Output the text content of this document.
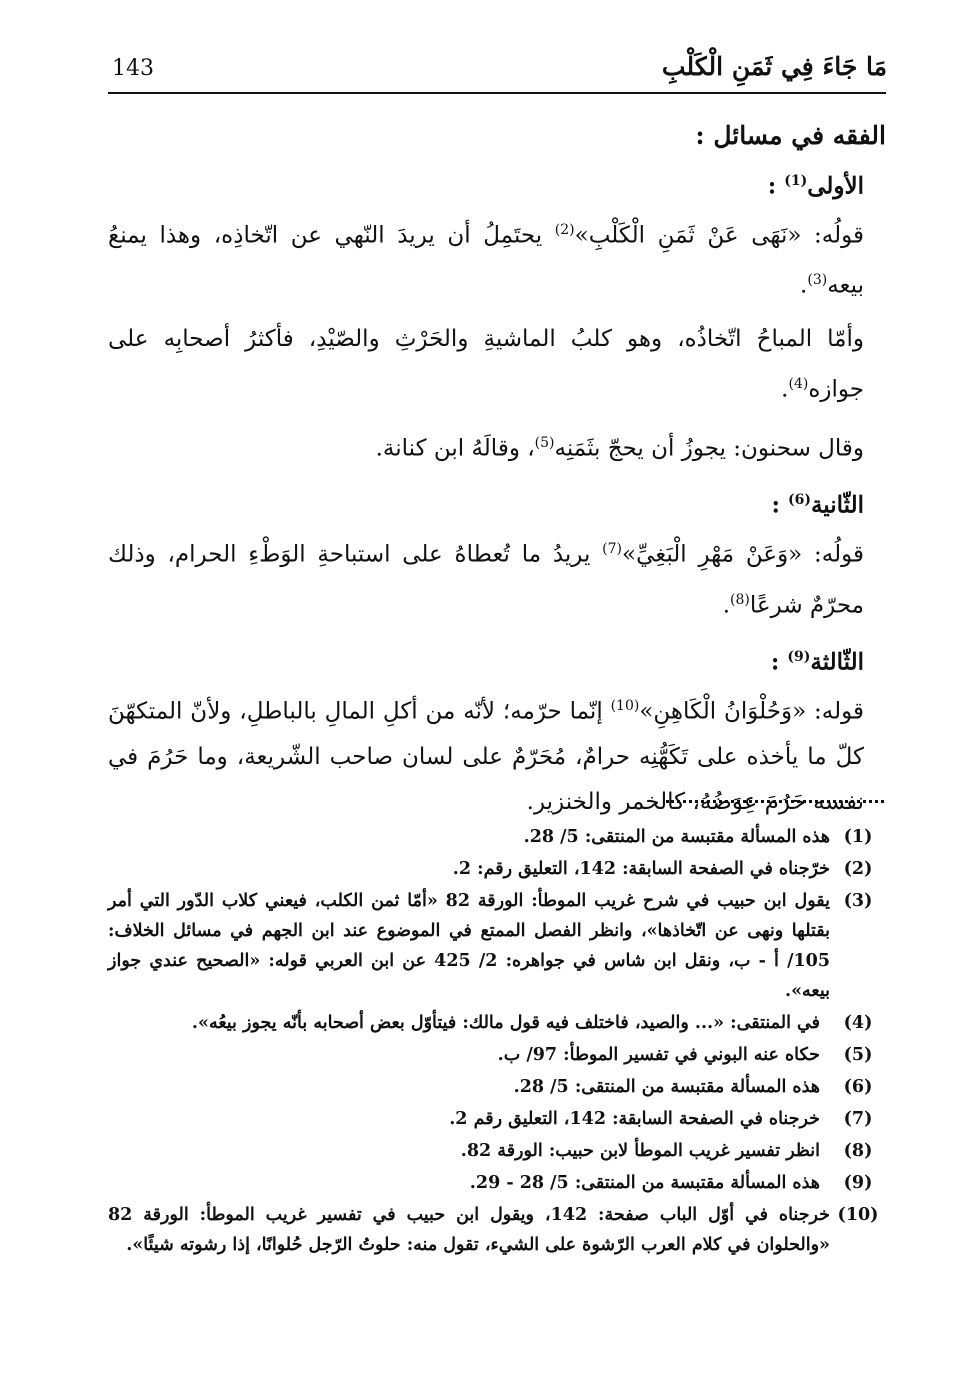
143	مَا جَاءَ فِي ثَمَنِ الْكَلْبِ
الفقه في مسائل :
الأولى$^{(1)}$ :

قولُه: «نَهَى عَنْ ثَمَنِ الْكَلْبِ»$^{(2)}$ يحتَمِلُ أن يريدَ النّهي عن اتّخاذِه، وهذا يمنعُ بيعه$^{(3)}$.

وأمّا المباحُ اتّخاذُه، وهو كلبُ الماشيةِ والحَرْثِ والصّيْدِ، فأكثرُ أصحابِه على جوازه$^{(4)}$.

وقال سحنون: يجوزُ أن يحجّ بثَمَنِه$^{(5)}$، وقالَهُ ابن كنانة.

الثّانية$^{(6)}$ :

قولُه: «وَعَنْ مَهْرِ الْبَغِيِّ»$^{(7)}$ يريدُ ما تُعطاهُ على استباحةِ الوَطْءِ الحرام، وذلك محرّمٌ شرعًا$^{(8)}$.

الثّالثة$^{(9)}$ :

قوله: «وَحُلْوَانُ الْكَاهِنِ»$^{(10)}$ إنّما حرّمه؛ لأنّه من أكلِ المالِ بالباطلِ، ولأنّ المتكهّنَ كلّ ما يأخذه على تَكَهُّنِه حرامٌ، مُحَرّمٌ على لسان صاحب الشّريعة، وما حَرُمَ في نفسه حَرُمَ عِوَضُهُ، كالخمر والخنزير.

(1)
هذه المسألة مقتبسة من المنتقى: 5/ 28.
(2)
خرّجناه في الصفحة السابقة: 142، التعليق رقم: 2.
(3)
يقول ابن حبيب في شرح غريب الموطأ: الورقة 82 «أمّا ثمن الكلب، فيعني كلاب الدّور التي أمر بقتلها ونهى عن اتّخاذها»، وانظر الفصل الممتع في الموضوع عند ابن الجهم في مسائل الخلاف: 105/ أ - ب، ونقل ابن شاس في جواهره: 2/ 425 عن ابن العربي قوله: «الصحيح عندي جواز بيعه».
(4)
في المنتقى: «... والصيد، فاختلف فيه قول مالك: فيتأوّل بعض أصحابه بأنّه يجوز بيعُه».
(5)
حكاه عنه البوني في تفسير الموطأ: 97/ ب.
(6)
هذه المسألة مقتبسة من المنتقى: 5/ 28.
(7)
خرجناه في الصفحة السابقة: 142، التعليق رقم 2.
(8)
انظر تفسير غريب الموطأ لابن حبيب: الورقة 82.
(9)
هذه المسألة مقتبسة من المنتقى: 5/ 28 - 29.
(10)
خرجناه في أوّل الباب صفحة: 142، ويقول ابن حبيب في تفسير غريب الموطأ: الورقة 82 «والحلوان في كلام العرب الرّشوة على الشيء، تقول منه: حلوتُ الرّجل حُلوانًا، إذا رشوته شيئًا».
